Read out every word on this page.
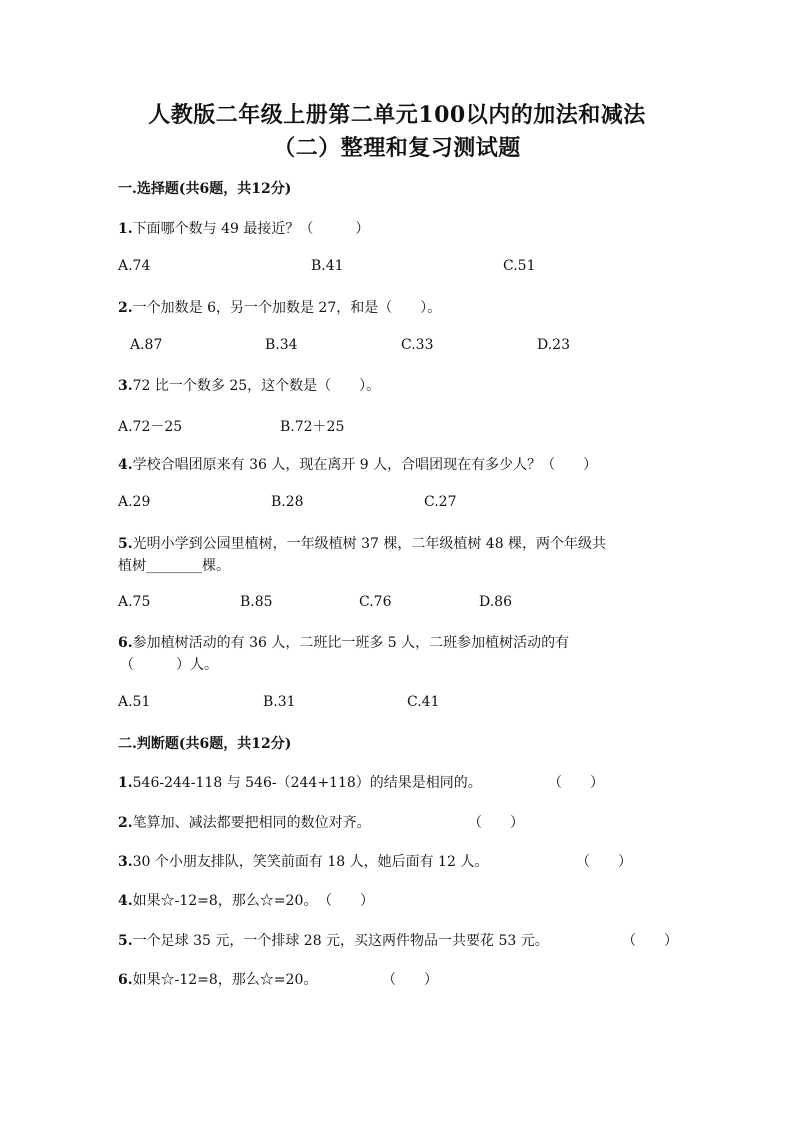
人教版二年级上册第二单元100以内的加法和减法
（二）整理和复习测试题
一.选择题(共6题，共12分)
1.下面哪个数与 49 最接近？（　　　）
A.74	B.41	C.51
2.一个加数是 6，另一个加数是 27，和是（　　）。
A.87	B.34	C.33	D.23
3.72 比一个数多 25，这个数是（　　）。
A.72－25	B.72＋25
4.学校合唱团原来有 36 人，现在离开 9 人，合唱团现在有多少人？（　　）
A.29	B.28	C.27
5.光明小学到公园里植树，一年级植树 37 棵，二年级植树 48 棵，两个年级共
植树________棵。
A.75	B.85	C.76	D.86
6.参加植树活动的有 36 人，二班比一班多 5 人，二班参加植树活动的有
（　　　）人。
A.51	B.31	C.41
二.判断题(共6题，共12分)
1.546-244-118 与 546-（244+118）的结果是相同的。	（　　）
2.笔算加、减法都要把相同的数位对齐。	（　　）
3.30 个小朋友排队，笑笑前面有 18 人，她后面有 12 人。	（　　）
4.如果☆-12=8，那么☆=20。 （　　）
5.一个足球 35 元，一个排球 28 元，买这两件物品一共要花 53 元。	（　　）
6.如果☆-12=8，那么☆=20。	（　　）
